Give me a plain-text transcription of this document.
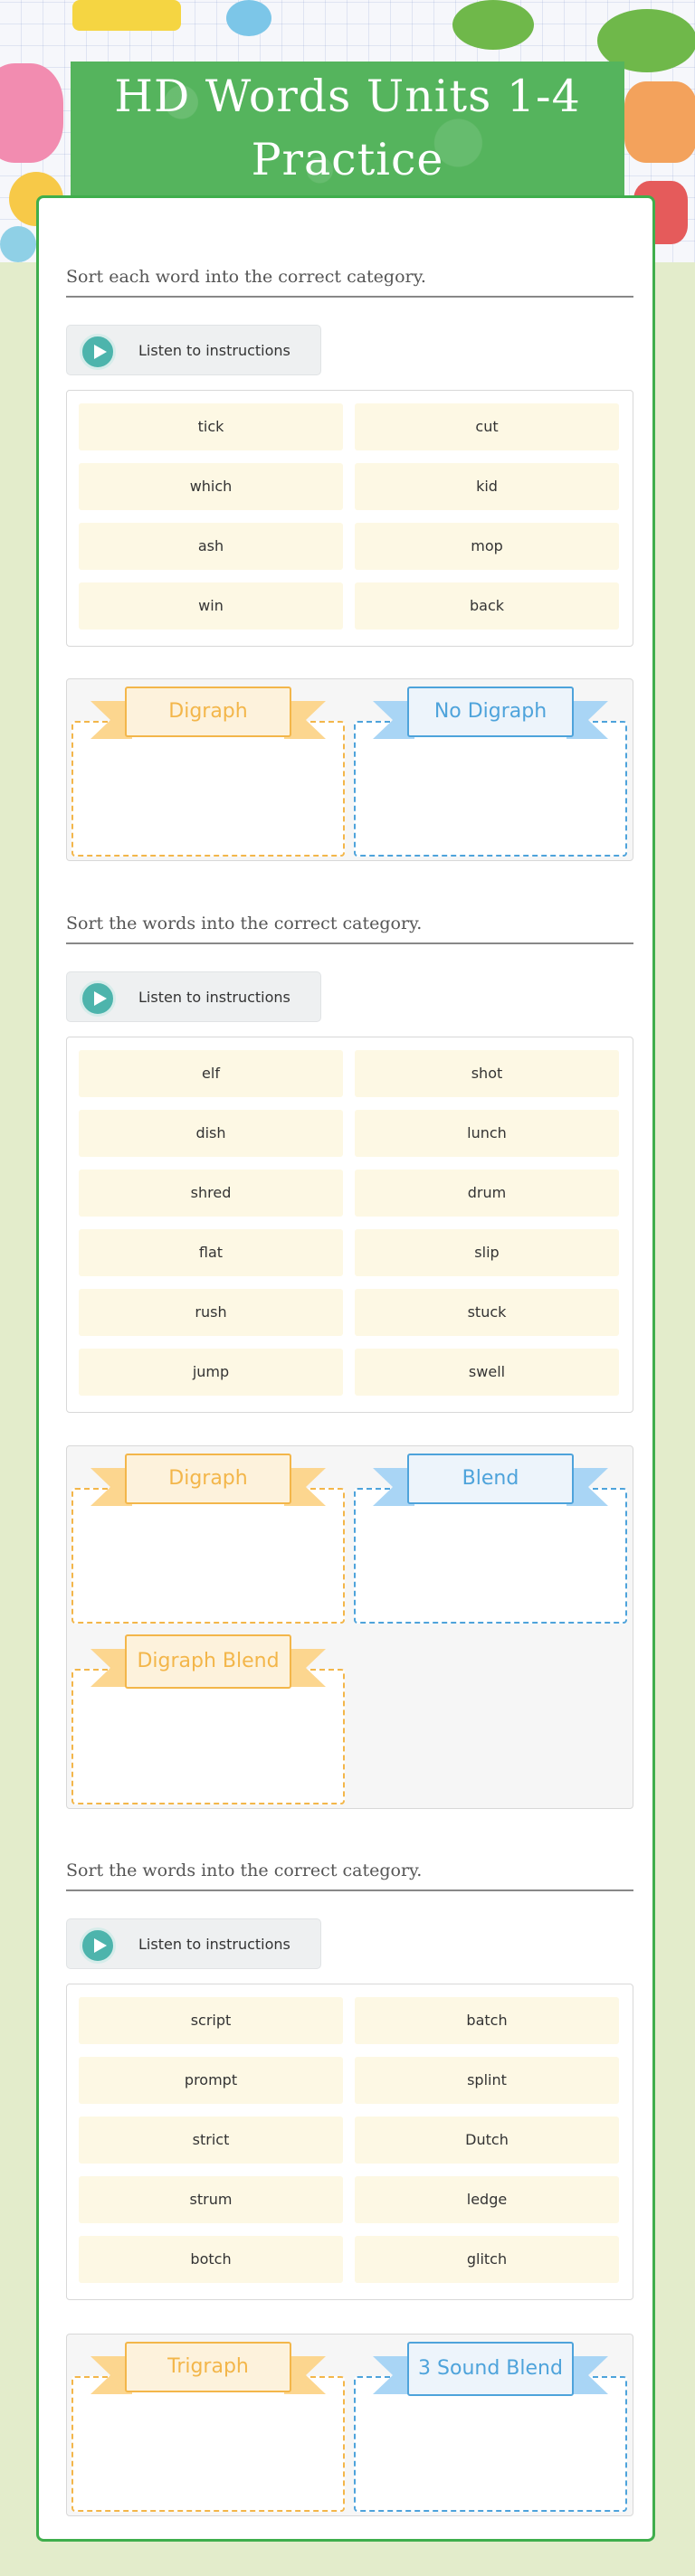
HD Words Units 1-4 Practice
Sort each word into the correct category.
Listen to instructions
tick	cut
which	kid
ash	mop
win	back
Digraph	No Digraph
Sort the words into the correct category.
Listen to instructions
elf	shot
dish	lunch
shred	drum
flat	slip
rush	stuck
jump	swell
Digraph	Blend
Digraph Blend
Sort the words into the correct category.
Listen to instructions
script	batch
prompt	splint
strict	Dutch
strum	ledge
botch	glitch
Trigraph	3 Sound Blend
